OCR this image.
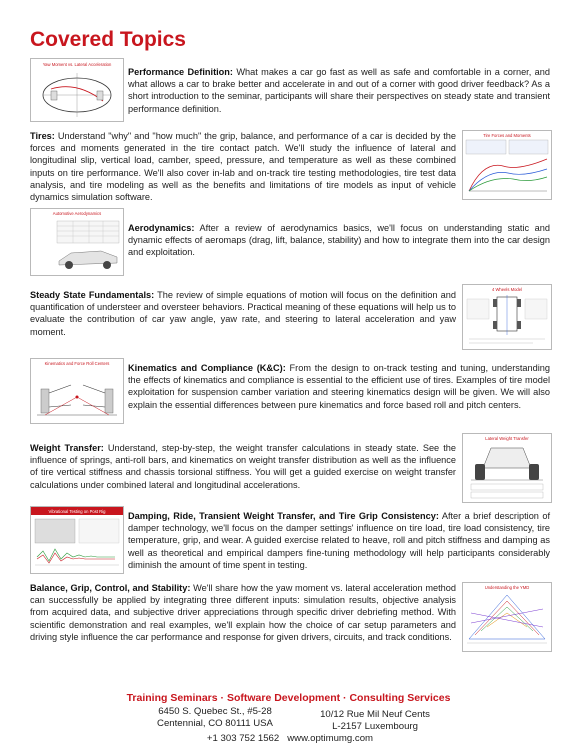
Covered Topics
Yaw Moment vs. Lateral Acceleration

Performance Definition: What makes a car go fast as well as safe and comfortable in a corner, and what allows a car to brake better and accelerate in and out of a corner with good driver feedback? As a short introduction to the seminar, participants will share their perspectives on steady state and transient performance definition.

Tires: Understand "why" and "how much" the grip, balance, and performance of a car is decided by the forces and moments generated in the tire contact patch. We'll study the influence of lateral and longitudinal slip, vertical load, camber, speed, pressure, and temperature as well as these combined inputs on tire performance. We'll also cover in-lab and on-track tire testing methodologies, tire test data analysis, and tire modeling as well as the benefits and limitations of tire models as input of vehicle dynamics simulation software.

Tire Forces and Moments
Automotive Aerodynamics

Aerodynamics: After a review of aerodynamics basics, we'll focus on understanding static and dynamic effects of aeromaps (drag, lift, balance, stability) and how to integrate them into the car design and exploitation.

Steady State Fundamentals: The review of simple equations of motion will focus on the definition and quantification of understeer and oversteer behaviors. Practical meaning of these equations will help us to evaluate the contribution of car yaw angle, yaw rate, and steering to lateral acceleration and yaw moment.

4 Wheels Model
Kinematics and Force Roll Centers Kinematics and Compliance (K&C): From the design to on-track testing and tuning, understanding the effects of kinematics and compliance is essential to the efficient use of tires. Examples of tire model exploitation for suspension camber variation and steering kinematics design will be given. We will also explain the essential differences between pure kinematics and force based roll and pitch centers.

Weight Transfer: Understand, step-by-step, the weight transfer calculations in steady state. See the influence of springs, anti-roll bars, and kinematics on weight transfer distribution as well as the influence of tire vertical stiffness and chassis torsional stiffness. You will get a guided exercise on weight transfer calculations under combined lateral and longitudinal accelerations.

Lateral Weight Transfer
Vibrational Testing on Post Rig Damping, Ride, Transient Weight Transfer, and Tire Grip Consistency: After a brief description of damper technology, we'll focus on the damper settings' influence on tire load, tire load consistency, tire temperature, grip, and wear. A guided exercise related to heave, roll and pitch stiffness and damping as well as theoretical and empirical dampers fine-tuning methodology will help participants considerably diminish the amount of time spent in testing.

Balance, Grip, Control, and Stability: We'll share how the yaw moment vs. lateral acceleration method can successfully be applied by integrating three different inputs: simulation results, objective analysis from acquired data, and subjective driver appreciations through specific driver debriefing method. With scientific demonstration and real examples, we'll explain how the choice of car setup parameters and driving style influence the car performance and response for given drivers, circuits, and track conditions.

Understanding the YMD
Training Seminars · Software Development · Consulting Services
6450 S. Quebec St., #5-28
Centennial, CO 80111 USA
10/12 Rue Mil Neuf Cents
L-2157 Luxembourg
+1 303 752 1562 www.optimumg.com
